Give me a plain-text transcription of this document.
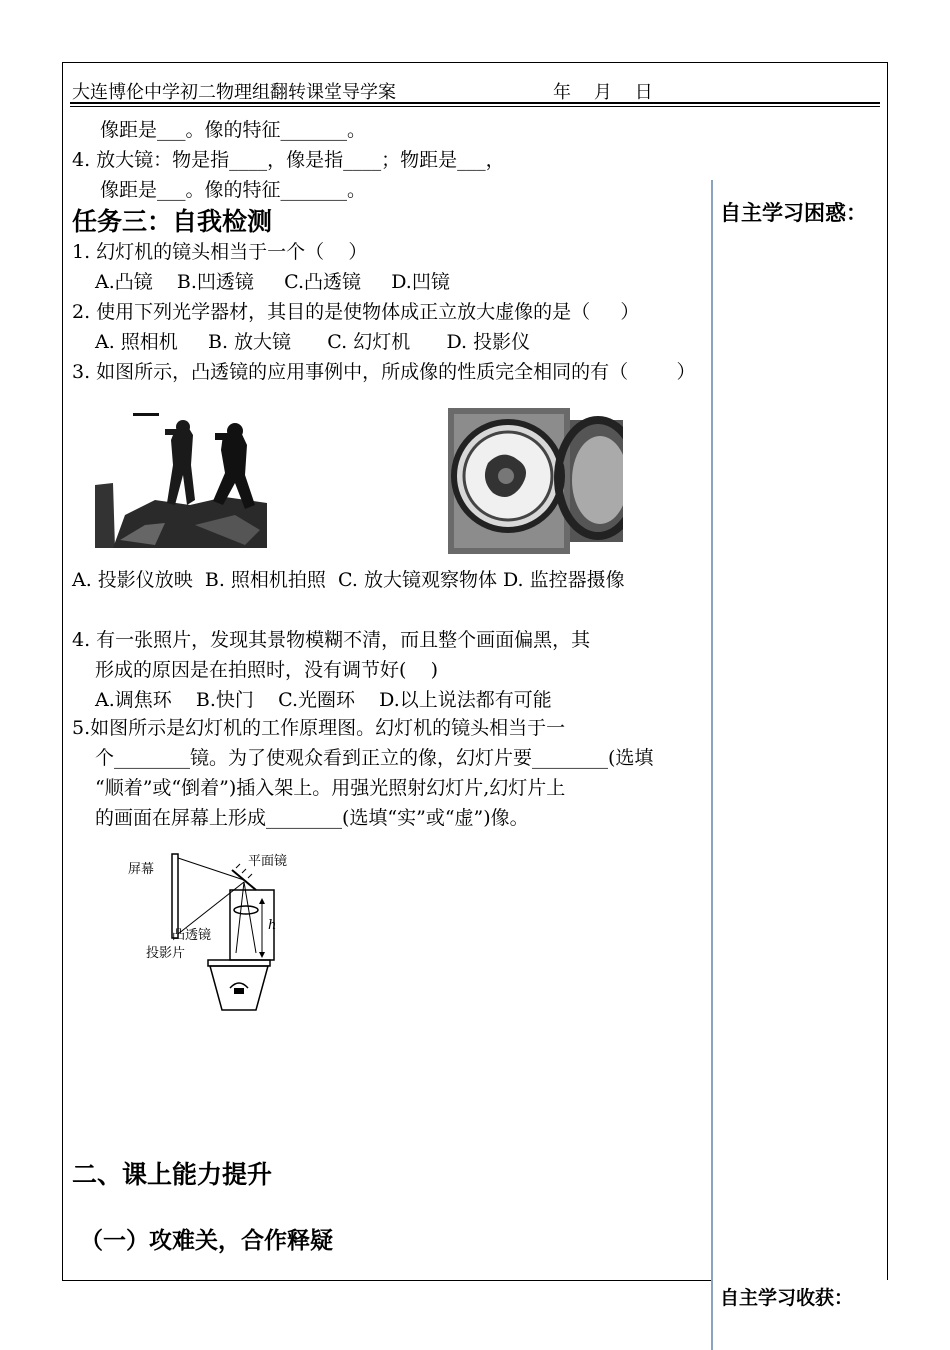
大连博伦中学初二物理组翻转课堂导学案	年    月    日
像距是___。像的特征_______。
4. 放大镜：物是指____，像是指____；物距是___，
像距是___。像的特征_______。
任务三：自我检测
1. 幻灯机的镜头相当于一个（    ）
A.凸镜    B.凹透镜     C.凸透镜     D.凹镜
2. 使用下列光学器材，其目的是使物体成正立放大虚像的是（     ）
A. 照相机     B. 放大镜      C. 幻灯机      D. 投影仪
3. 如图所示，凸透镜的应用事例中，所成像的性质完全相同的有（        ）
A. 投影仪放映  B. 照相机拍照  C. 放大镜观察物体 D. 监控器摄像
4. 有一张照片，发现其景物模糊不清，而且整个画面偏黑，其
形成的原因是在拍照时，没有调节好(    )
A.调焦环    B.快门    C.光圈环    D.以上说法都有可能
5.如图所示是幻灯机的工作原理图。幻灯机的镜头相当于一
个________镜。为了使观众看到正立的像，幻灯片要________(选填
“顺着”或“倒着”)插入架上。用强光照射幻灯片,幻灯片上
的画面在屏幕上形成________(选填“实”或“虚”)像。
屏幕
平面镜
凸透镜
投影片
h
二、课上能力提升
（一）攻难关，合作释疑
自主学习困惑：
自主学习收获：
